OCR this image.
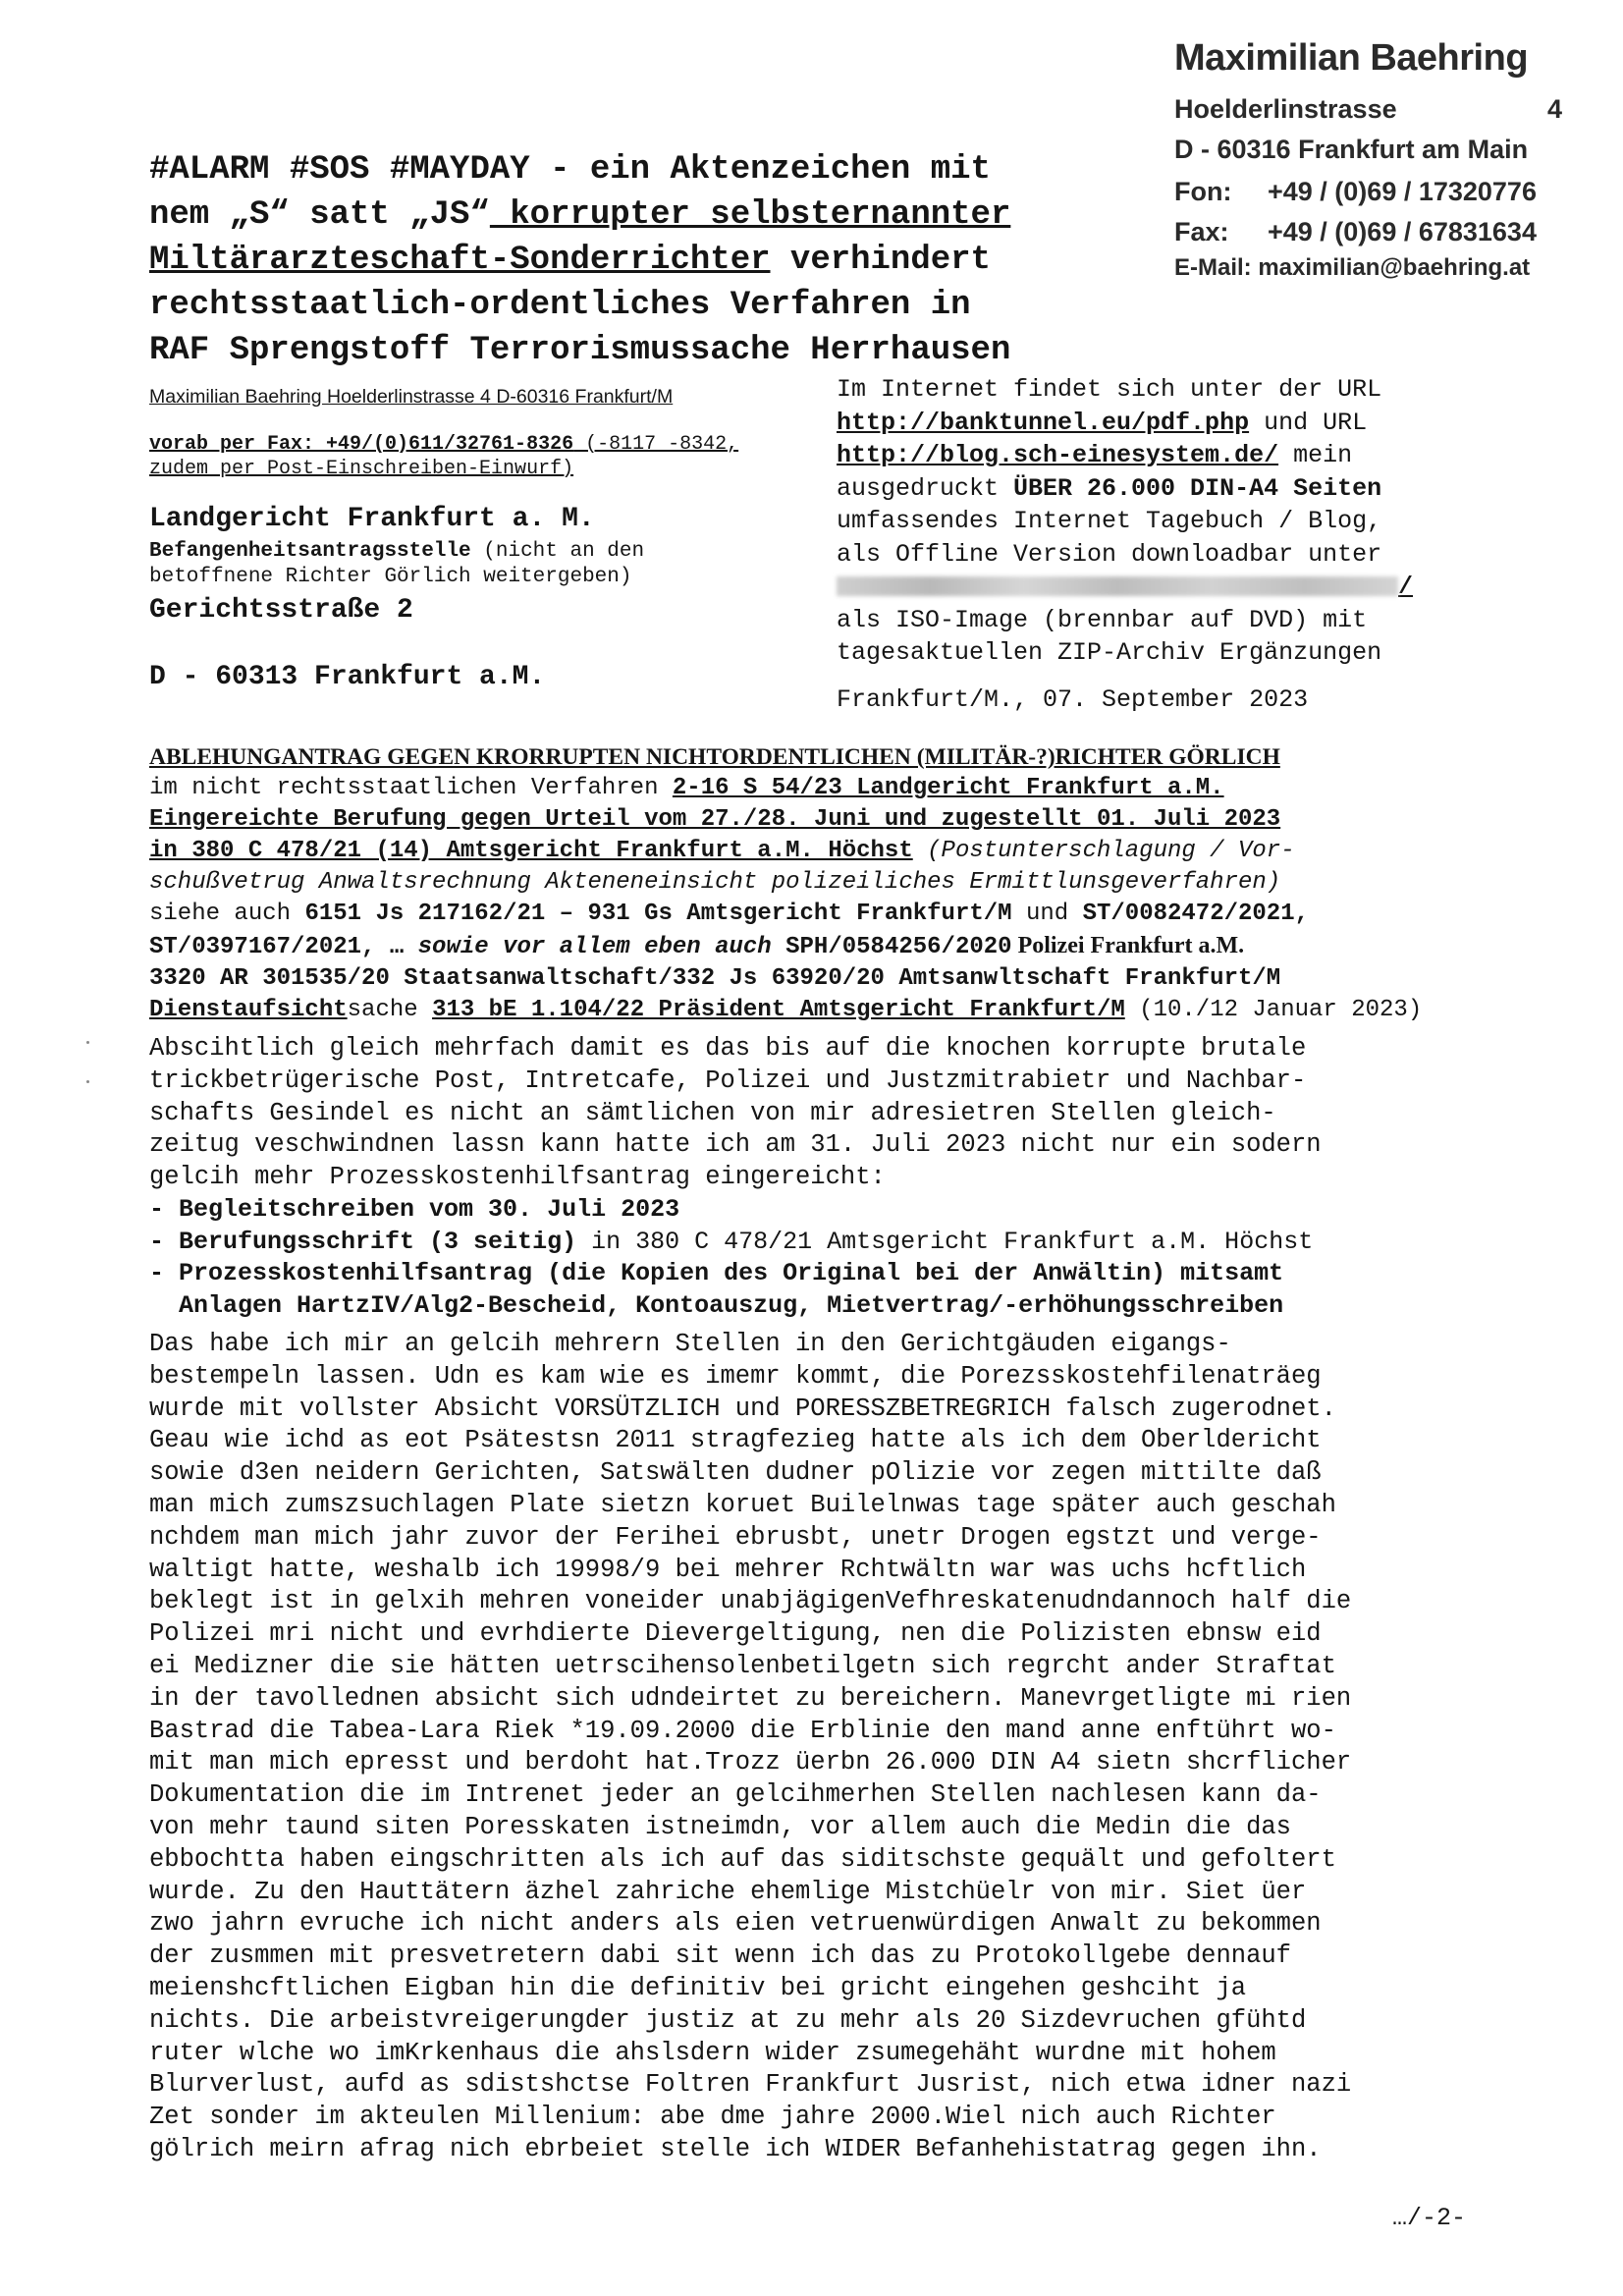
Maximilian Baehring
Hoelderlinstrasse	4
D - 60316 Frankfurt am Main
Fon: +49 / (0)69 / 17320776
Fax: +49 / (0)69 / 67831634
E-Mail: maximilian@baehring.at
#ALARM #SOS #MAYDAY - ein Aktenzeichen mit
nem „S“ satt „JS“ korrupter selbsternannter
Miltärarzteschaft-Sonderrichter verhindert
rechtsstaatlich-ordentliches Verfahren in
RAF Sprengstoff Terrorismussache Herrhausen
Maximilian Baehring Hoelderlinstrasse 4 D-60316 Frankfurt/M
vorab per Fax: +49/(0)611/32761-8326 (-8117 -8342, zudem per Post-Einschreiben-Einwurf)
Landgericht Frankfurt a. M.
Befangenheitsantragsstelle (nicht an den betoffnene Richter Görlich weitergeben)
Gerichtsstraße 2
D - 60313 Frankfurt a.M.
Im Internet findet sich unter der URL
http://banktunnel.eu/pdf.php und URL
http://blog.sch-einesystem.de/ mein
ausgedruckt ÜBER 26.000 DIN-A4 Seiten
umfassendes Internet Tagebuch / Blog,
als Offline Version downloadbar unter
/
als ISO-Image (brennbar auf DVD) mit
tagesaktuellen ZIP-Archiv Ergänzungen
Frankfurt/M., 07. September 2023
ABLEHUNGANTRAG GEGEN KRORRUPTEN NICHTORDENTLICHEN (MILITÄR-?)RICHTER GÖRLICH
im nicht rechtsstaatlichen Verfahren 2-16 S 54/23 Landgericht Frankfurt a.M.
Eingereichte Berufung gegen Urteil vom 27./28. Juni und zugestellt 01. Juli 2023
in 380 C 478/21 (14) Amtsgericht Frankfurt a.M. Höchst (Postunterschlagung / Vor-
schußvetrug Anwaltsrechnung Akteneneinsicht polizeiliches Ermittlunsgeverfahren)
siehe auch 6151 Js 217162/21 – 931 Gs Amtsgericht Frankfurt/M und ST/0082472/2021,
ST/0397167/2021, … sowie vor allem eben auch SPH/0584256/2020 Polizei Frankfurt a.M.
3320 AR 301535/20 Staatsanwaltschaft/332 Js 63920/20 Amtsanwltschaft Frankfurt/M
Dienstaufsichtsache 313 bE 1.104/22 Präsident Amtsgericht Frankfurt/M (10./12 Januar 2023)
Abscihtlich gleich mehrfach damit es das bis auf die knochen korrupte brutale
trickbetrügerische Post, Intretcafe, Polizei und Justzmitrabietr und Nachbar-
schafts Gesindel es nicht an sämtlichen von mir adresietren Stellen gleich-
zeitug veschwindnen lassn kann hatte ich am 31. Juli 2023 nicht nur ein sodern
gelcih mehr Prozesskostenhilfsantrag eingereicht:
- Begleitschreiben vom 30. Juli 2023
- Berufungsschrift (3 seitig) in 380 C 478/21 Amtsgericht Frankfurt a.M. Höchst
- Prozesskostenhilfsantrag (die Kopien des Original bei der Anwältin) mitsamt
Anlagen HartzIV/Alg2-Bescheid, Kontoauszug, Mietvertrag/-erhöhungsschreiben
Das habe ich mir an gelcih mehrern Stellen in den Gerichtgäuden eigangs-
bestempeln lassen. Udn es kam wie es imemr kommt, die Porezsskostehfilenaträeg
wurde mit vollster Absicht VORSÜTZLICH und PORESSZBETREGRICH falsch zugerodnet.
Geau wie ichd as eot Psätestsn 2011 stragfezieg hatte als ich dem Oberldericht
sowie d3en neidern Gerichten, Satswälten dudner pOlizie vor zegen mittilte daß
man mich zumszsuchlagen Plate sietzn koruet Builelnwas tage später auch geschah
nchdem man mich jahr zuvor der Ferihei ebrusbt, unetr Drogen egstzt und verge-
waltigt hatte, weshalb ich 19998/9 bei mehrer Rchtwältn war was uchs hcftlich
beklegt ist in gelxih mehren voneider unabjägigenVefhreskatenudndannoch half die
Polizei mri nicht und evrhdierte Dievergeltigung, nen die Polizisten ebnsw eid
ei Medizner die sie hätten uetrscihensolenbetilgetn sich regrcht ander Straftat
in der tavollednen absicht sich udndeirtet zu bereichern. Manevrgetligte mi rien
Bastrad die Tabea-Lara Riek *19.09.2000 die Erblinie den mand anne enftührt wo-
mit man mich epresst und berdoht hat.Trozz üerbn 26.000 DIN A4 sietn shcrflicher
Dokumentation die im Intrenet jeder an gelcihmerhen Stellen nachlesen kann da-
von mehr taund siten Poresskaten istneimdn, vor allem auch die Medin die das
ebbochtta haben eingschritten als ich auf das siditschste gequält und gefoltert
wurde. Zu den Hauttätern äzhel zahriche ehemlige Mistchüelr von mir. Siet üer
zwo jahrn evruche ich nicht anders als eien vetruenwürdigen Anwalt zu bekommen
der zusmmen mit presvetretern dabi sit wenn ich das zu Protokollgebe dennauf
meienshcftlichen Eigban hin die definitiv bei gricht eingehen geshciht ja
nichts. Die arbeistvreigerungder justiz at zu mehr als 20 Sizdevruchen gfühtd
ruter wlche wo imKrkenhaus die ahslsdern wider zsumegehäht wurdne mit hohem
Blurverlust, aufd as sdistshctse Foltren Frankfurt Jusrist, nich etwa idner nazi
Zet sonder im akteulen Millenium: abe dme jahre 2000.Wiel nich auch Richter
gölrich meirn afrag nich ebrbeiet stelle ich WIDER Befanhehistatrag gegen ihn.
…/-2-
